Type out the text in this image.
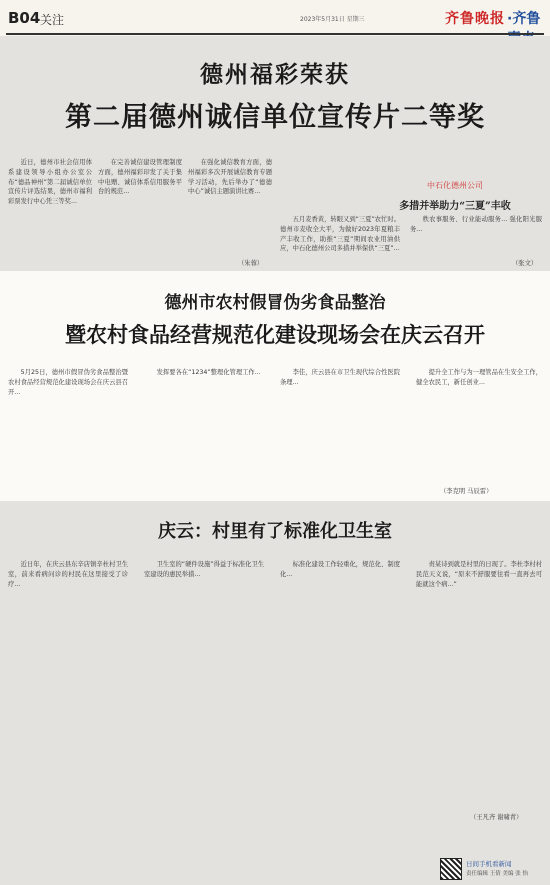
B04 关注	2023年5月31日 星期三	齐鲁晚报 ·齐鲁
德州福彩荣获
第二届德州诚信单位宣传片二等奖

近日，德州市社会信用体系建设领导小组办公室公布“德品神州”第二届诚信单位宣传片评选结果，德州市福利彩票发行中心凭三等奖...

在完善诚信建设管理制度方面，德州福彩印发了关于集中电赠、诚信体系信用服务平台的规范...

在强化诚信教育方面，德州福彩多次开展诚信教育专题学习活动，先后举办了“德德中心”诚信主题演讲比赛...

（朱蓉）
中石化德州公司
多措并举助力“三夏”丰收

五月麦香黄，转眼又到“三夏”农忙时。德州市麦收全大平，为做好2023年夏粮丰产丰收工作，助推“三夏”期间农业用油供应，中石化德州公司多措并举保供“三夏”...

秩农事服务、行业能动服务... 强化阳光服务...

（张文）
德州市农村假冒伪劣食品整治
暨农村食品经营规范化建设现场会在庆云召开

5月25日，德州市假冒伪劣食品整治暨农村食品经营规范化建设现场会在庆云县召开...

发挥要各在“1234”整理化管理工作...	李佳，庆云县在市卫生现代综合性医院条理...

提升全工作与为一理管品在生安全工作，健全农民工，新任创业...

（李克明 马辰雷）
庆云：村里有了标准化卫生室

近日年，在庆云县东辛店镇辛杜村卫生室，前来看病问诊的村民在这里接受了诊疗...

卫生室的“硬件设施”得益于标准化卫生室建设的惠民举措...

标准化建设工作轻重化，规范化、制度化...

责某诗到就是村里的日现了。李杜李村村民范天义说，“原来不舒服要往看一直再去可能就这个病...”

（王凡齐 谢啸青）
日间手机看新闻
责任编辑 王倩 美编 张 怡
